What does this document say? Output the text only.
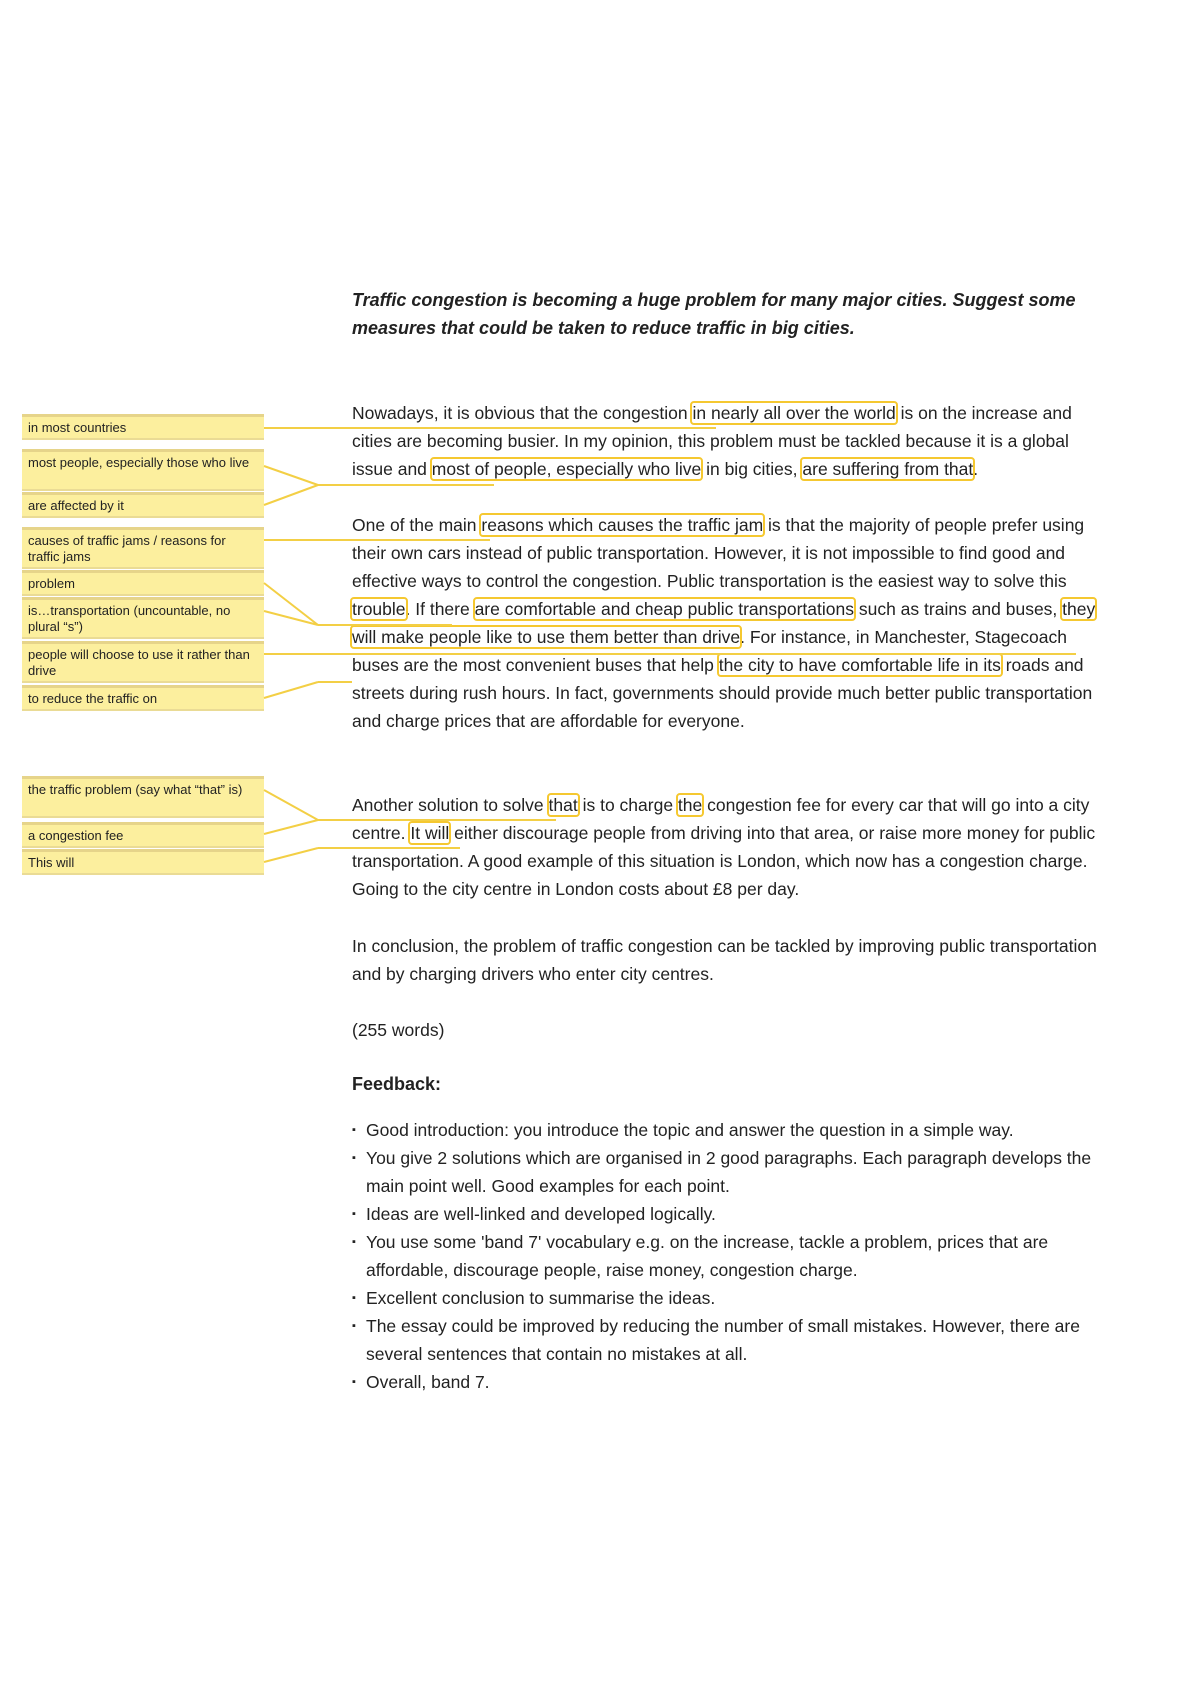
Traffic congestion is becoming a huge problem for many major cities. Suggest some measures that could be taken to reduce traffic in big cities.

Nowadays, it is obvious that the congestion in nearly all over the world is on the increase and cities are becoming busier. In my opinion, this problem must be tackled because it is a global issue and most of people, especially who live in big cities, are suffering from that.

One of the main reasons which causes the traffic jam is that the majority of people prefer using their own cars instead of public transportation. However, it is not impossible to find good and effective ways to control the congestion. Public transportation is the easiest way to solve this trouble. If there are comfortable and cheap public transportations such as trains and buses, they will make people like to use them better than drive. For instance, in Manchester, Stagecoach buses are the most convenient buses that help the city to have comfortable life in its roads and streets during rush hours. In fact, governments should provide much better public transportation and charge prices that are affordable for everyone.

Another solution to solve that is to charge the congestion fee for every car that will go into a city centre. It will either discourage people from driving into that area, or raise more money for public transportation. A good example of this situation is London, which now has a congestion charge. Going to the city centre in London costs about £8 per day.

In conclusion, the problem of traffic congestion can be tackled by improving public transportation and by charging drivers who enter city centres.

(255 words)

Feedback:
▪ Good introduction: you introduce the topic and answer the question in a simple way.
▪ You give 2 solutions which are organised in 2 good paragraphs. Each paragraph develops the main point well. Good examples for each point.
▪ Ideas are well-linked and developed logically.
▪ You use some 'band 7' vocabulary e.g. on the increase, tackle a problem, prices that are affordable, discourage people, raise money, congestion charge.
▪ Excellent conclusion to summarise the ideas.
▪ The essay could be improved by reducing the number of small mistakes. However, there are several sentences that contain no mistakes at all.
▪ Overall, band 7.
in most countries
most people, especially those who live
are affected by it
causes of traffic jams / reasons for traffic jams
problem
is…transportation (uncountable, no plural “s”)
people will choose to use it rather than drive
to reduce the traffic on
the traffic problem (say what “that” is)
a congestion fee
This will
